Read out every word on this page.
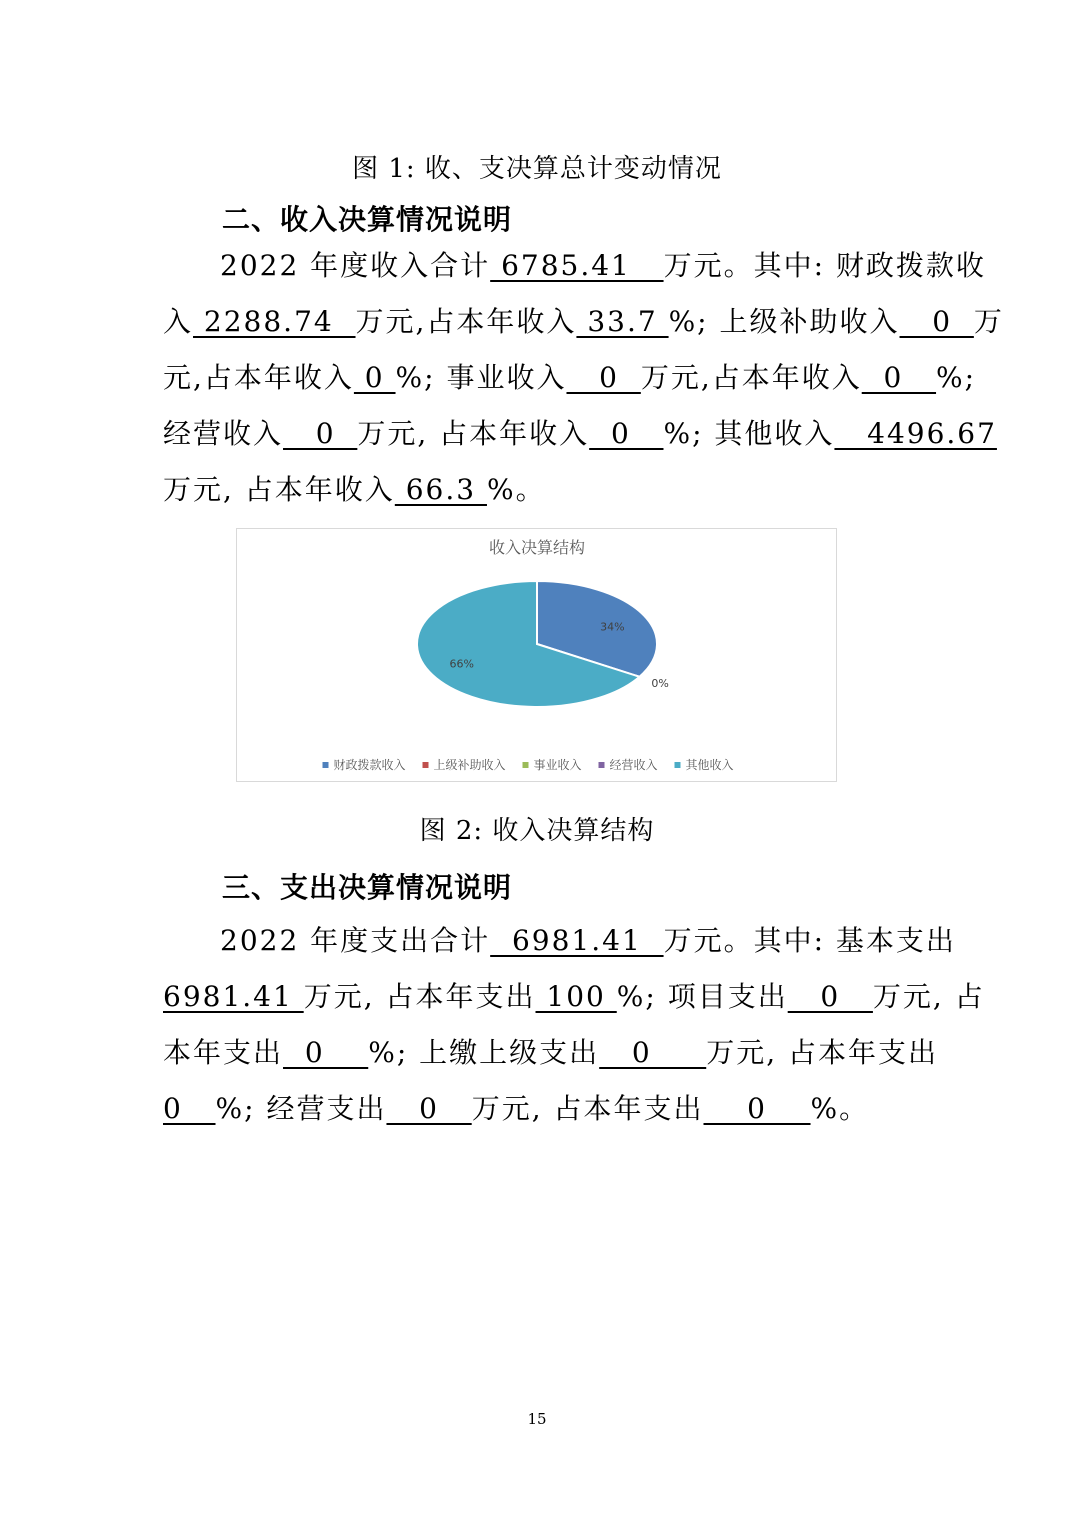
图 1: 收、支决算总计变动情况
二、收入决算情况说明
2022 年度收入合计 6785.41   万元。其中: 财政拨款收
入 2288.74  万元,占本年收入 33.7 %; 上级补助收入   0  万
元,占本年收入 0 %; 事业收入   0  万元,占本年收入  0   %;
经营收入   0  万元, 占本年收入  0   %; 其他收入   4496.67
万元, 占本年收入 66.3 %。
收入决算结构
34%
0%
66%
财政拨款收入 上级补助收入 事业收入 经营收入 其他收入
图 2: 收入决算结构
三、支出决算情况说明
2022 年度支出合计  6981.41  万元。其中: 基本支出
6981.41 万元, 占本年支出 100 %; 项目支出   0   万元, 占
本年支出  0    %; 上缴上级支出   0     万元, 占本年支出
0   %; 经营支出   0   万元, 占本年支出    0    %。
15
